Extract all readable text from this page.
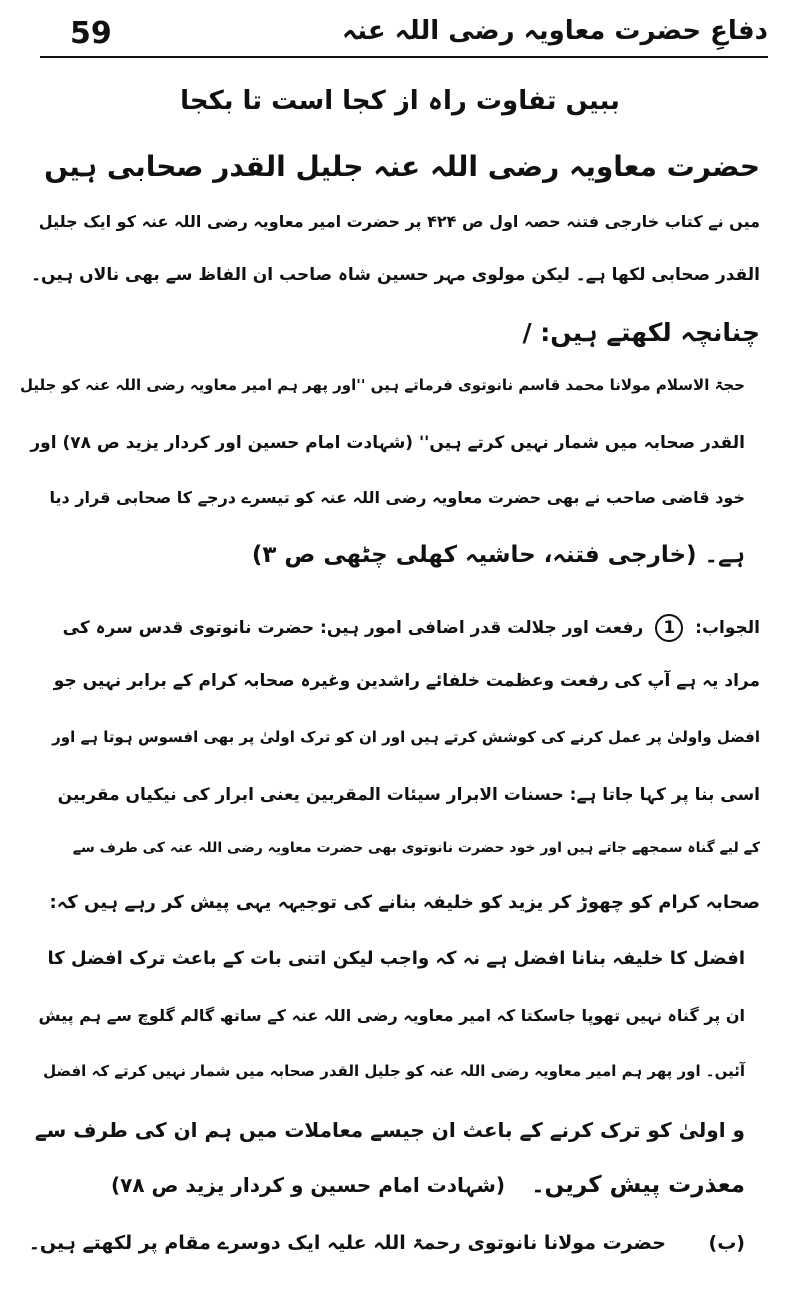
59	دفاعِ حضرت معاویہ رضی اللہ عنہ
ببیں تفاوت راہ از کجا است تا بکجا
حضرت معاویہ رضی اللہ عنہ جلیل القدر صحابی ہیں
میں نے کتاب خارجی فتنہ حصہ اول ص ۴۲۴ پر حضرت امیر معاویہ رضی اللہ عنہ کو ایک جلیل
القدر صحابی لکھا ہے۔ لیکن مولوی مہر حسین شاہ صاحب ان الفاظ سے بھی نالاں ہیں۔
چنانچہ لکھتے ہیں: /
حجۃ الاسلام مولانا محمد قاسم نانوتوی فرماتے ہیں ''اور پھر ہم امیر معاویہ رضی اللہ عنہ کو جلیل
القدر صحابہ میں شمار نہیں کرتے ہیں'' (شہادت امام حسین اور کردار یزید ص ۷۸) اور
خود قاضی صاحب نے بھی حضرت معاویہ رضی اللہ عنہ کو تیسرے درجے کا صحابی قرار دیا
ہے۔ (خارجی فتنہ، حاشیہ کھلی چٹھی ص ۳)
الجواب: 1 رفعت اور جلالت قدر اضافی امور ہیں: حضرت نانوتوی قدس سرہ کی
مراد یہ ہے آپ کی رفعت وعظمت خلفائے راشدین وغیرہ صحابہ کرام کے برابر نہیں جو
افضل واولیٰ پر عمل کرنے کی کوشش کرتے ہیں اور ان کو ترک اولیٰ پر بھی افسوس ہوتا ہے اور
اسی بنا پر کہا جاتا ہے: حسنات الابرار سیئات المقربین یعنی ابرار کی نیکیاں مقربین
کے لیے گناہ سمجھے جاتے ہیں اور خود حضرت نانوتوی بھی حضرت معاویہ رضی اللہ عنہ کی طرف سے
صحابہ کرام کو چھوڑ کر یزید کو خلیفہ بنانے کی توجیہہ یہی پیش کر رہے ہیں کہ:
افضل کا خلیفہ بنانا افضل ہے نہ کہ واجب لیکن اتنی بات کے باعث ترک افضل کا
ان پر گناہ نہیں تھوپا جاسکتا کہ امیر معاویہ رضی اللہ عنہ کے ساتھ گالم گلوچ سے ہم پیش
آئیں۔ اور پھر ہم امیر معاویہ رضی اللہ عنہ کو جلیل القدر صحابہ میں شمار نہیں کرتے کہ افضل
و اولیٰ کو ترک کرنے کے باعث ان جیسے معاملات میں ہم ان کی طرف سے
معذرت پیش کریں۔ (شہادت امام حسین و کردار یزید ص ۷۸)
(ب) حضرت مولانا نانوتوی رحمۃ اللہ علیہ ایک دوسرے مقام پر لکھتے ہیں۔
